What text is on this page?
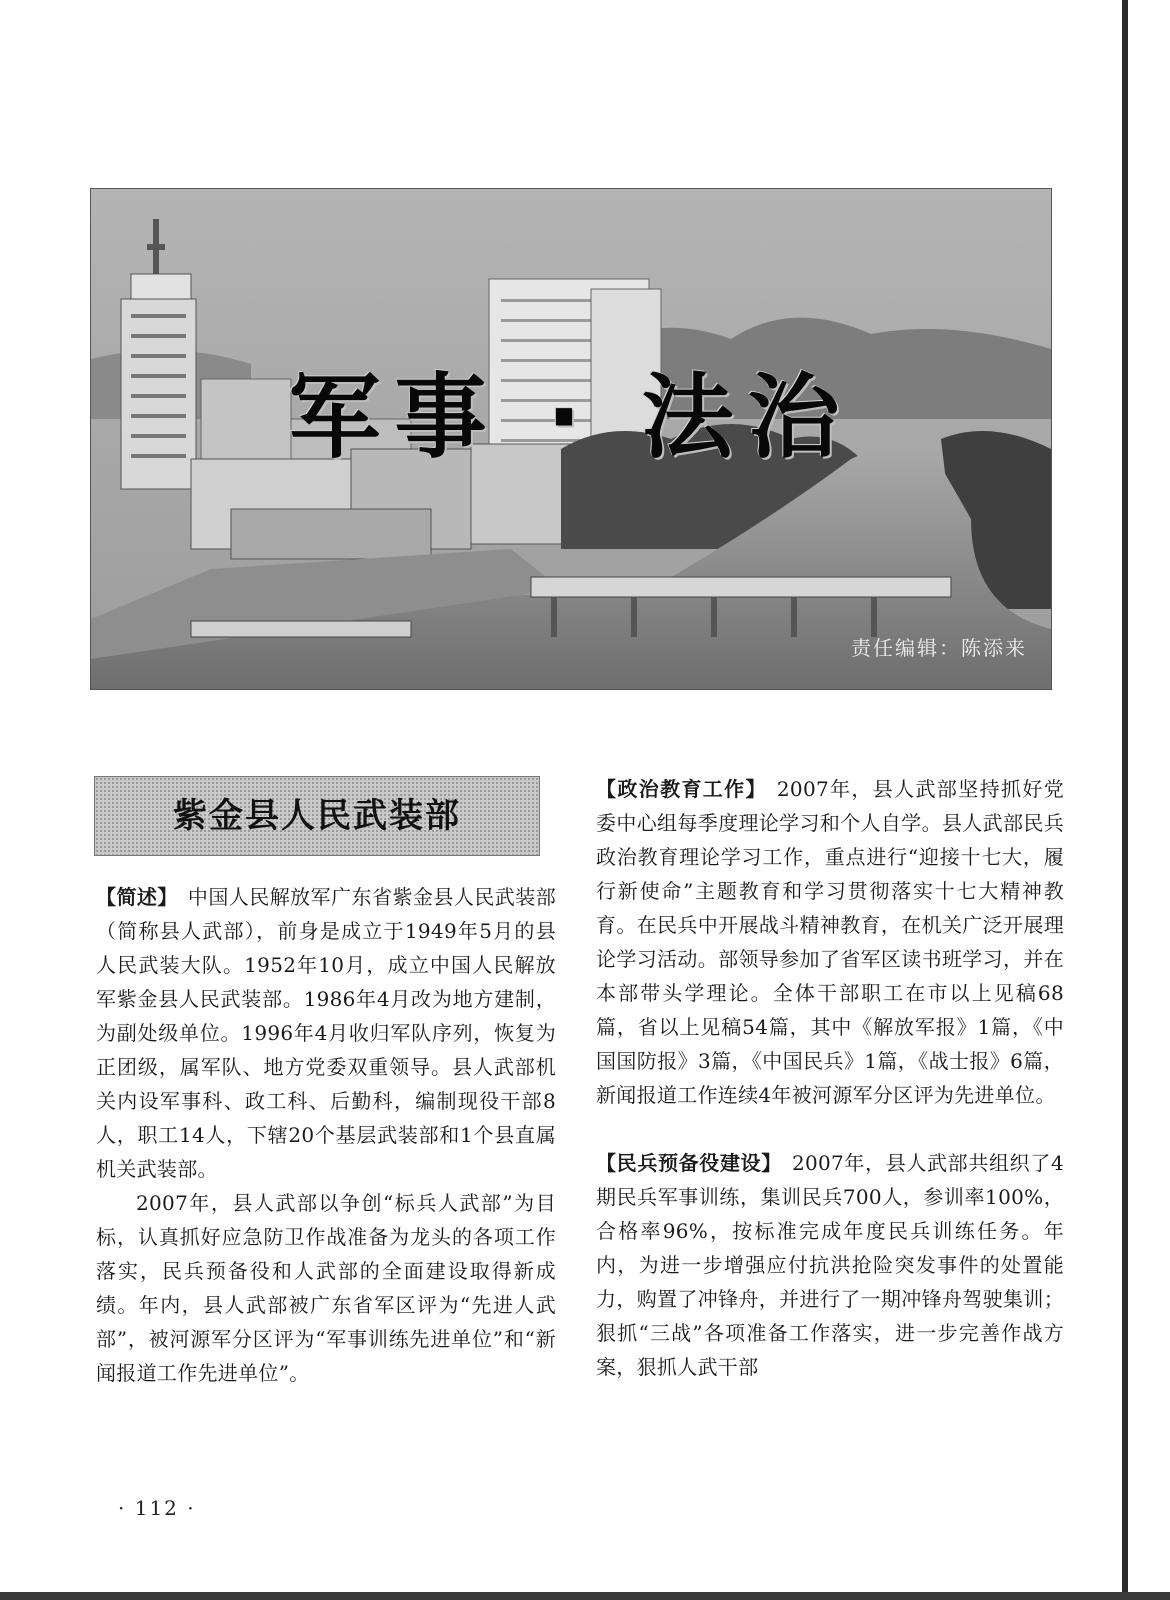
军事 · 法治
责任编辑：陈添来
紫金县人民武装部

【简述】 中国人民解放军广东省紫金县人民武装部（简称县人武部），前身是成立于1949年5月的县人民武装大队。1952年10月，成立中国人民解放军紫金县人民武装部。1986年4月改为地方建制，为副处级单位。1996年4月收归军队序列，恢复为正团级，属军队、地方党委双重领导。县人武部机关内设军事科、政工科、后勤科，编制现役干部8人，职工14人，下辖20个基层武装部和1个县直属机关武装部。

2007年，县人武部以争创“标兵人武部”为目标，认真抓好应急防卫作战准备为龙头的各项工作落实，民兵预备役和人武部的全面建设取得新成绩。年内，县人武部被广东省军区评为“先进人武部”，被河源军分区评为“军事训练先进单位”和“新闻报道工作先进单位”。

【政治教育工作】 2007年，县人武部坚持抓好党委中心组每季度理论学习和个人自学。县人武部民兵政治教育理论学习工作，重点进行“迎接十七大，履行新使命”主题教育和学习贯彻落实十七大精神教育。在民兵中开展战斗精神教育，在机关广泛开展理论学习活动。部领导参加了省军区读书班学习，并在本部带头学理论。全体干部职工在市以上见稿68篇，省以上见稿54篇，其中《解放军报》1篇，《中国国防报》3篇，《中国民兵》1篇，《战士报》6篇，新闻报道工作连续4年被河源军分区评为先进单位。

【民兵预备役建设】 2007年，县人武部共组织了4期民兵军事训练，集训民兵700人，参训率100%，合格率96%，按标准完成年度民兵训练任务。年内，为进一步增强应付抗洪抢险突发事件的处置能力，购置了冲锋舟，并进行了一期冲锋舟驾驶集训；狠抓“三战”各项准备工作落实，进一步完善作战方案，狠抓人武干部

· 112 ·
